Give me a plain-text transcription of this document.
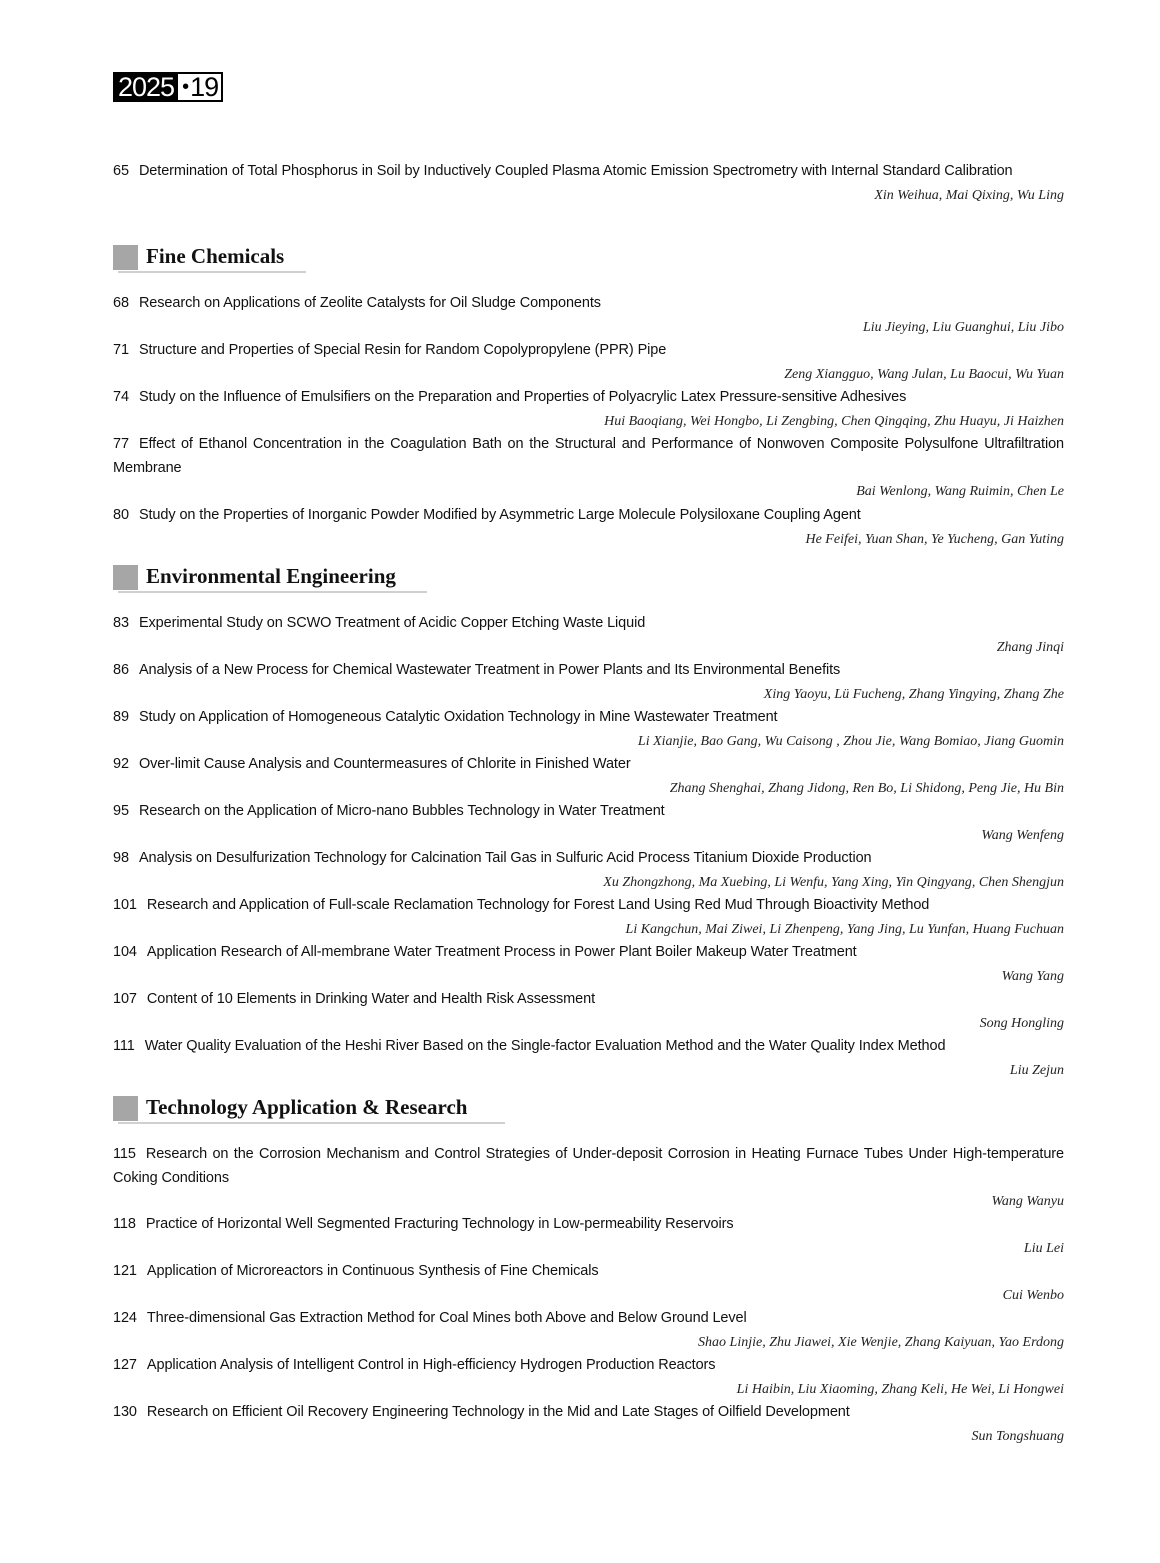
2025 •19
65 Determination of Total Phosphorus in Soil by Inductively Coupled Plasma Atomic Emission Spectrometry with Internal Standard Calibration
Xin Weihua, Mai Qixing, Wu Ling
Fine Chemicals
68 Research on Applications of Zeolite Catalysts for Oil Sludge Components
Liu Jieying, Liu Guanghui, Liu Jibo
71 Structure and Properties of Special Resin for Random Copolypropylene (PPR) Pipe
Zeng Xiangguo, Wang Julan, Lu Baocui, Wu Yuan
74 Study on the Influence of Emulsifiers on the Preparation and Properties of Polyacrylic Latex Pressure-sensitive Adhesives
Hui Baoqiang, Wei Hongbo, Li Zengbing, Chen Qingqing, Zhu Huayu, Ji Haizhen
77 Effect of Ethanol Concentration in the Coagulation Bath on the Structural and Performance of Nonwoven Composite Polysulfone Ultrafiltration Membrane
Bai Wenlong, Wang Ruimin, Chen Le
80 Study on the Properties of Inorganic Powder Modified by Asymmetric Large Molecule Polysiloxane Coupling Agent
He Feifei, Yuan Shan, Ye Yucheng, Gan Yuting
Environmental Engineering
83 Experimental Study on SCWO Treatment of Acidic Copper Etching Waste Liquid
Zhang Jinqi
86 Analysis of a New Process for Chemical Wastewater Treatment in Power Plants and Its Environmental Benefits
Xing Yaoyu, Lü Fucheng, Zhang Yingying, Zhang Zhe
89 Study on Application of Homogeneous Catalytic Oxidation Technology in Mine Wastewater Treatment
Li Xianjie, Bao Gang, Wu Caisong , Zhou Jie, Wang Bomiao, Jiang Guomin
92 Over-limit Cause Analysis and Countermeasures of Chlorite in Finished Water
Zhang Shenghai, Zhang Jidong, Ren Bo, Li Shidong, Peng Jie, Hu Bin
95 Research on the Application of Micro-nano Bubbles Technology in Water Treatment
Wang Wenfeng
98 Analysis on Desulfurization Technology for Calcination Tail Gas in Sulfuric Acid Process Titanium Dioxide Production
Xu Zhongzhong, Ma Xuebing, Li Wenfu, Yang Xing, Yin Qingyang, Chen Shengjun
101 Research and Application of Full-scale Reclamation Technology for Forest Land Using Red Mud Through Bioactivity Method
Li Kangchun, Mai Ziwei, Li Zhenpeng, Yang Jing, Lu Yunfan, Huang Fuchuan
104 Application Research of All-membrane Water Treatment Process in Power Plant Boiler Makeup Water Treatment
Wang Yang
107 Content of 10 Elements in Drinking Water and Health Risk Assessment
Song Hongling
111 Water Quality Evaluation of the Heshi River Based on the Single-factor Evaluation Method and the Water Quality Index Method
Liu Zejun
Technology Application & Research
115 Research on the Corrosion Mechanism and Control Strategies of Under-deposit Corrosion in Heating Furnace Tubes Under High-temperature Coking Conditions
Wang Wanyu
118 Practice of Horizontal Well Segmented Fracturing Technology in Low-permeability Reservoirs
Liu Lei
121 Application of Microreactors in Continuous Synthesis of Fine Chemicals
Cui Wenbo
124 Three-dimensional Gas Extraction Method for Coal Mines both Above and Below Ground Level
Shao Linjie, Zhu Jiawei, Xie Wenjie, Zhang Kaiyuan, Yao Erdong
127 Application Analysis of Intelligent Control in High-efficiency Hydrogen Production Reactors
Li Haibin, Liu Xiaoming, Zhang Keli, He Wei, Li Hongwei
130 Research on Efficient Oil Recovery Engineering Technology in the Mid and Late Stages of Oilfield Development
Sun Tongshuang
